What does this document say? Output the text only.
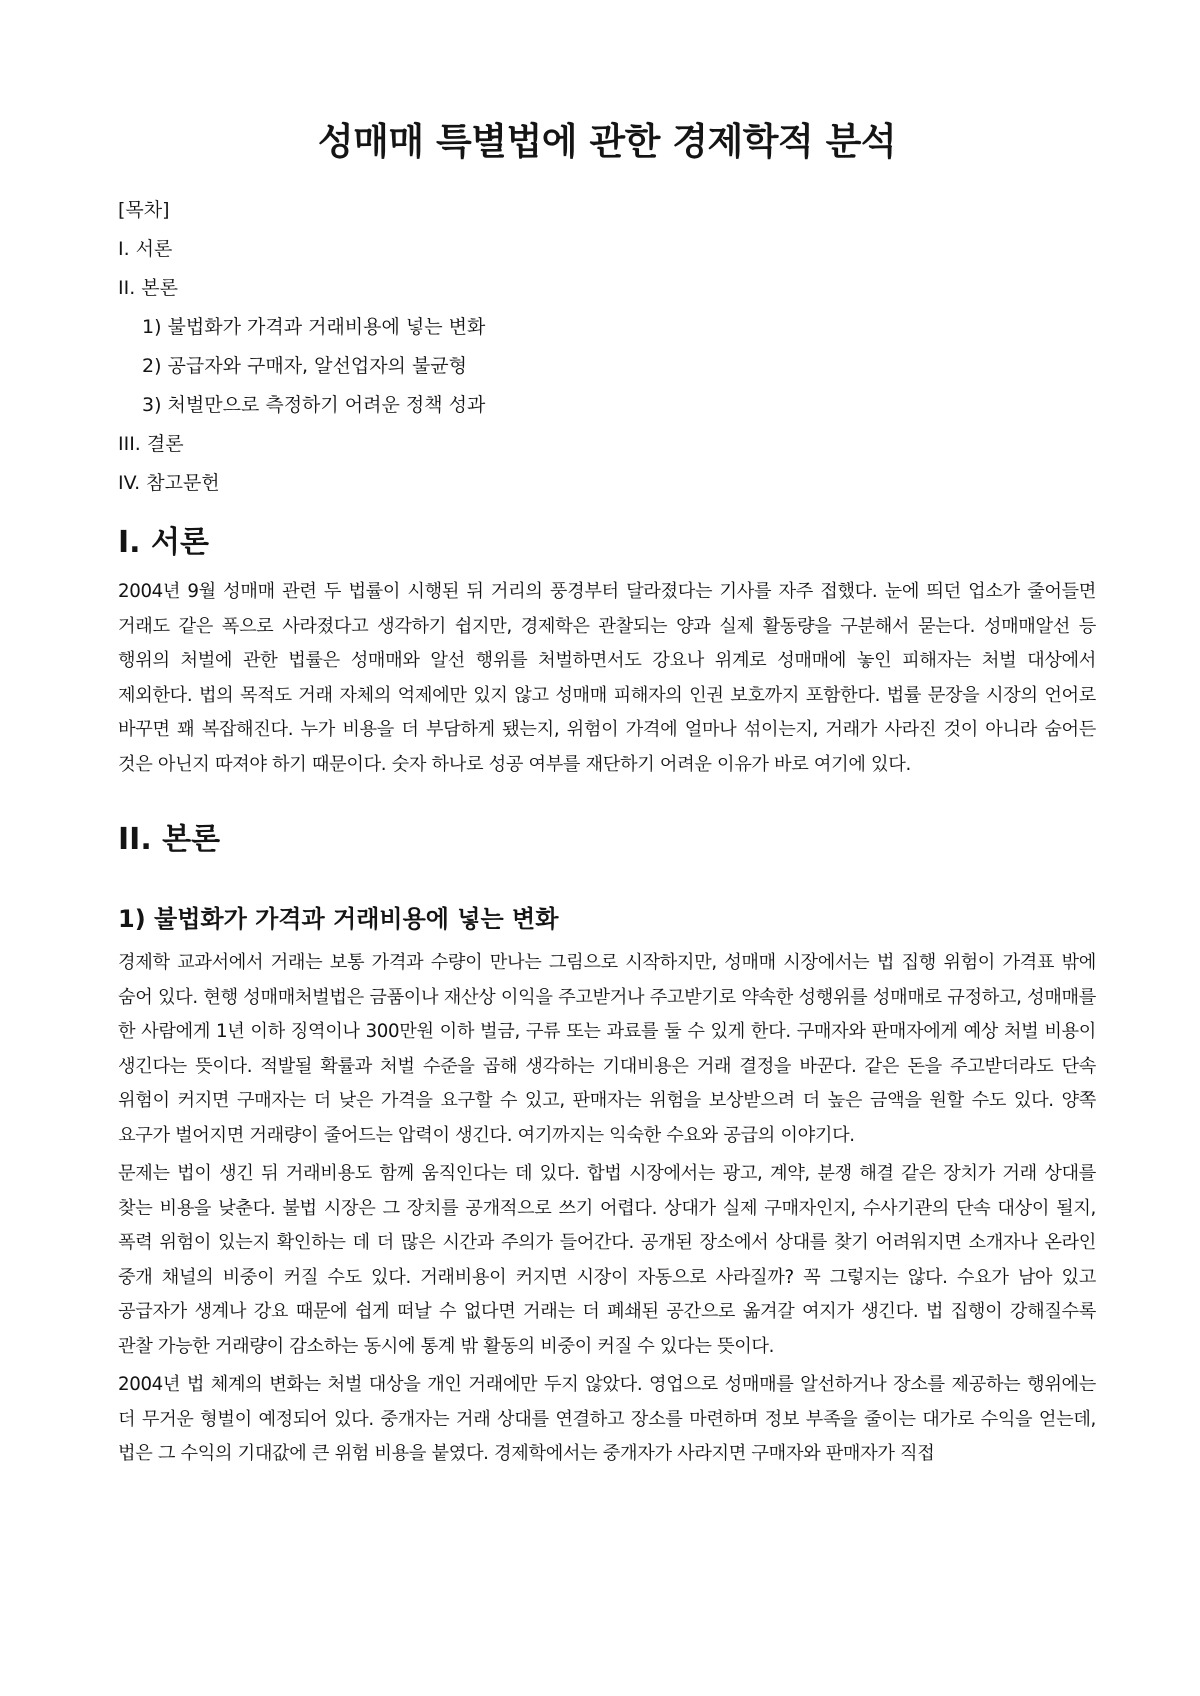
성매매 특별법에 관한 경제학적 분석
[목차]
I. 서론
II. 본론
1) 불법화가 가격과 거래비용에 넣는 변화
2) 공급자와 구매자, 알선업자의 불균형
3) 처벌만으로 측정하기 어려운 정책 성과
III. 결론
IV. 참고문헌
I. 서론

2004년 9월 성매매 관련 두 법률이 시행된 뒤 거리의 풍경부터 달라졌다는 기사를 자주 접했다. 눈에 띄던 업소가 줄어들면 거래도 같은 폭으로 사라졌다고 생각하기 쉽지만, 경제학은 관찰되는 양과 실제 활동량을 구분해서 묻는다. 성매매알선 등 행위의 처벌에 관한 법률은 성매매와 알선 행위를 처벌하면서도 강요나 위계로 성매매에 놓인 피해자는 처벌 대상에서 제외한다. 법의 목적도 거래 자체의 억제에만 있지 않고 성매매 피해자의 인권 보호까지 포함한다. 법률 문장을 시장의 언어로 바꾸면 꽤 복잡해진다. 누가 비용을 더 부담하게 됐는지, 위험이 가격에 얼마나 섞이는지, 거래가 사라진 것이 아니라 숨어든 것은 아닌지 따져야 하기 때문이다. 숫자 하나로 성공 여부를 재단하기 어려운 이유가 바로 여기에 있다.

II. 본론
1) 불법화가 가격과 거래비용에 넣는 변화

경제학 교과서에서 거래는 보통 가격과 수량이 만나는 그림으로 시작하지만, 성매매 시장에서는 법 집행 위험이 가격표 밖에 숨어 있다. 현행 성매매처벌법은 금품이나 재산상 이익을 주고받거나 주고받기로 약속한 성행위를 성매매로 규정하고, 성매매를 한 사람에게 1년 이하 징역이나 300만원 이하 벌금, 구류 또는 과료를 둘 수 있게 한다. 구매자와 판매자에게 예상 처벌 비용이 생긴다는 뜻이다. 적발될 확률과 처벌 수준을 곱해 생각하는 기대비용은 거래 결정을 바꾼다. 같은 돈을 주고받더라도 단속 위험이 커지면 구매자는 더 낮은 가격을 요구할 수 있고, 판매자는 위험을 보상받으려 더 높은 금액을 원할 수도 있다. 양쪽 요구가 벌어지면 거래량이 줄어드는 압력이 생긴다. 여기까지는 익숙한 수요와 공급의 이야기다.

문제는 법이 생긴 뒤 거래비용도 함께 움직인다는 데 있다. 합법 시장에서는 광고, 계약, 분쟁 해결 같은 장치가 거래 상대를 찾는 비용을 낮춘다. 불법 시장은 그 장치를 공개적으로 쓰기 어렵다. 상대가 실제 구매자인지, 수사기관의 단속 대상이 될지, 폭력 위험이 있는지 확인하는 데 더 많은 시간과 주의가 들어간다. 공개된 장소에서 상대를 찾기 어려워지면 소개자나 온라인 중개 채널의 비중이 커질 수도 있다. 거래비용이 커지면 시장이 자동으로 사라질까? 꼭 그렇지는 않다. 수요가 남아 있고 공급자가 생계나 강요 때문에 쉽게 떠날 수 없다면 거래는 더 폐쇄된 공간으로 옮겨갈 여지가 생긴다. 법 집행이 강해질수록 관찰 가능한 거래량이 감소하는 동시에 통계 밖 활동의 비중이 커질 수 있다는 뜻이다.

2004년 법 체계의 변화는 처벌 대상을 개인 거래에만 두지 않았다. 영업으로 성매매를 알선하거나 장소를 제공하는 행위에는 더 무거운 형벌이 예정되어 있다. 중개자는 거래 상대를 연결하고 장소를 마련하며 정보 부족을 줄이는 대가로 수익을 얻는데, 법은 그 수익의 기대값에 큰 위험 비용을 붙였다. 경제학에서는 중개자가 사라지면 구매자와 판매자가 직접
